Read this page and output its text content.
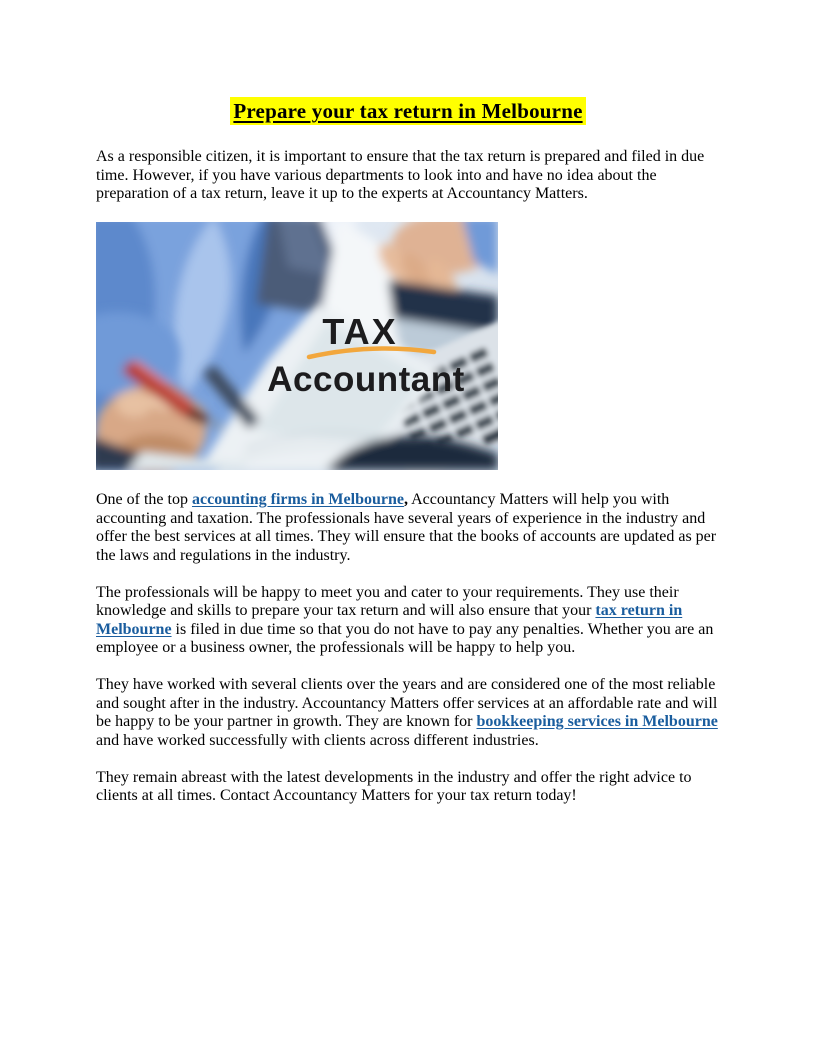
Prepare your tax return in Melbourne

As a responsible citizen, it is important to ensure that the tax return is prepared and filed in due time. However, if you have various departments to look into and have no idea about the preparation of a tax return, leave it up to the experts at Accountancy Matters.

TAX
Accountant

One of the top accounting firms in Melbourne, Accountancy Matters will help you with accounting and taxation. The professionals have several years of experience in the industry and offer the best services at all times. They will ensure that the books of accounts are updated as per the laws and regulations in the industry.

The professionals will be happy to meet you and cater to your requirements. They use their knowledge and skills to prepare your tax return and will also ensure that your tax return in Melbourne is filed in due time so that you do not have to pay any penalties. Whether you are an employee or a business owner, the professionals will be happy to help you.

They have worked with several clients over the years and are considered one of the most reliable and sought after in the industry. Accountancy Matters offer services at an affordable rate and will be happy to be your partner in growth. They are known for bookkeeping services in Melbourne and have worked successfully with clients across different industries.

They remain abreast with the latest developments in the industry and offer the right advice to clients at all times. Contact Accountancy Matters for your tax return today!
